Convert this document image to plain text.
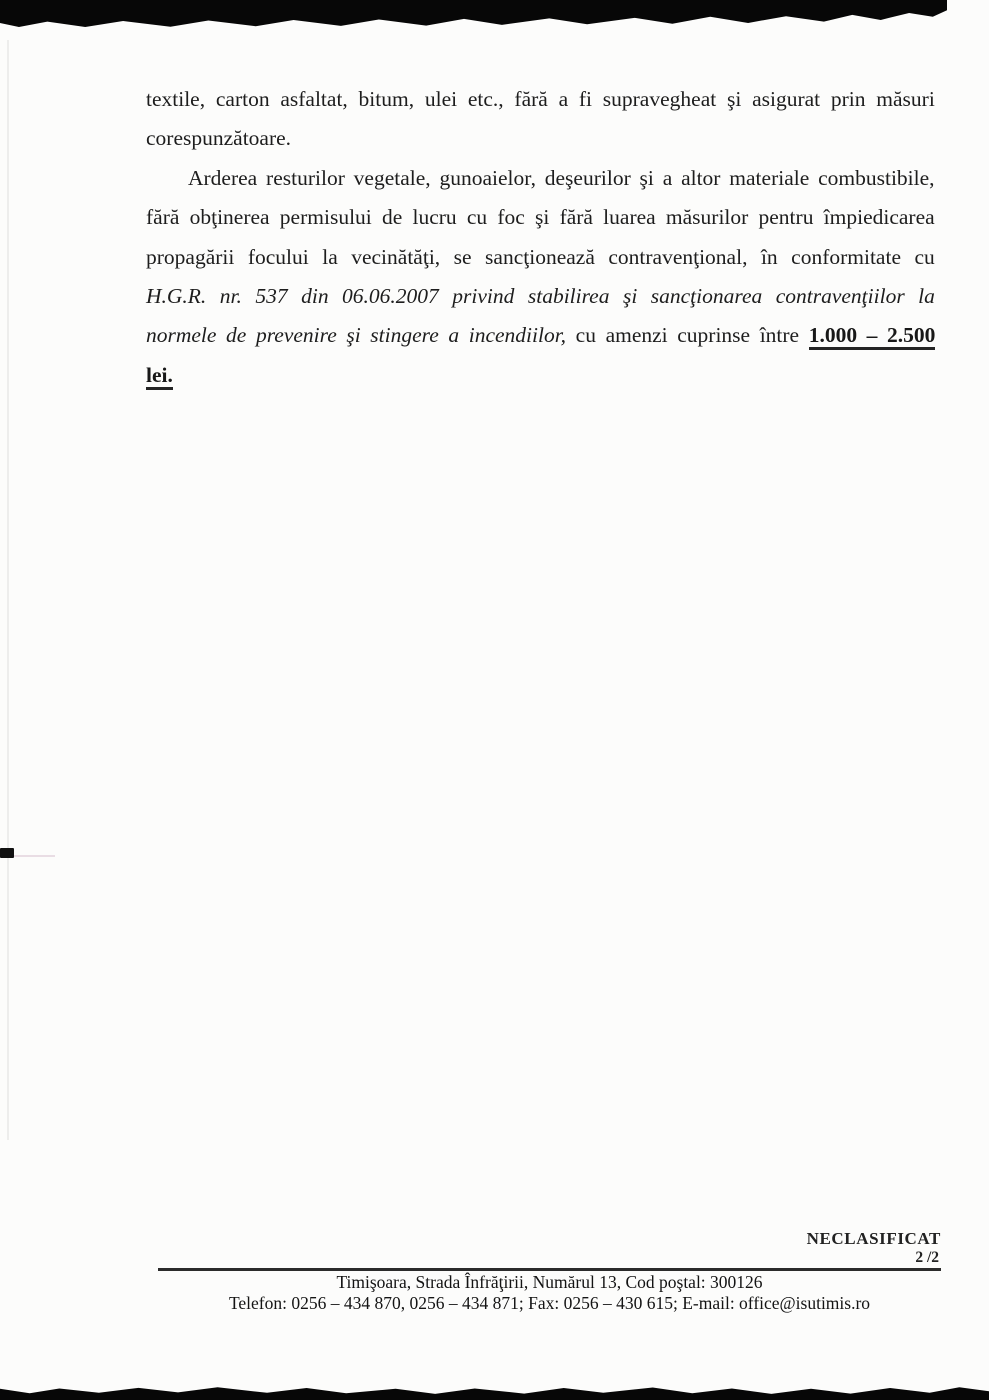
textile, carton asfaltat, bitum, ulei etc., fără a fi supravegheat şi asigurat prin măsuri
corespunzătoare.
Arderea resturilor vegetale, gunoaielor, deşeurilor şi a altor materiale combustibile,
fără obţinerea permisului de lucru cu foc şi fără luarea măsurilor pentru împiedicarea
propagării focului la vecinătăţi, se sancţionează contravenţional, în conformitate cu
H.G.R. nr. 537 din 06.06.2007 privind stabilirea şi sancţionarea contravenţiilor la
normele de prevenire şi stingere a incendiilor, cu amenzi cuprinse între 1.000 – 2.500
lei.
NECLASIFICAT
2 /2
Timişoara, Strada Înfrăţirii, Numărul 13, Cod poştal: 300126
Telefon: 0256 – 434 870, 0256 – 434 871; Fax: 0256 – 430 615; E-mail: office@isutimis.ro
